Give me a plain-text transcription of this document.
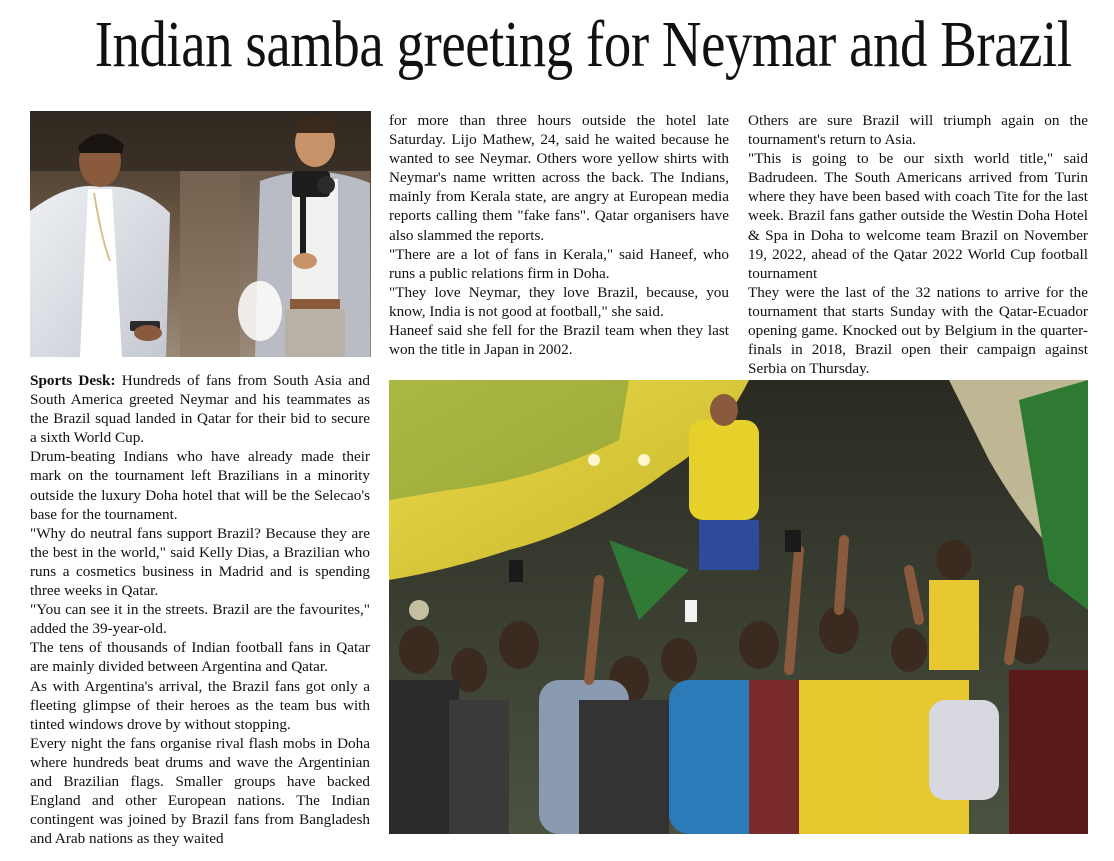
Indian samba greeting for Neymar and Brazil

Sports Desk: Hundreds of fans from South Asia and South America greeted Neymar and his teammates as the Brazil squad landed in Qatar for their bid to secure a sixth World Cup.

Drum-beating Indians who have already made their mark on the tournament left Brazilians in a minority outside the luxury Doha hotel that will be the Selecao's base for the tournament.

"Why do neutral fans support Brazil? Because they are the best in the world," said Kelly Dias, a Brazilian who runs a cosmetics business in Madrid and is spending three weeks in Qatar.

"You can see it in the streets. Brazil are the favourites," added the 39-year-old.

The tens of thousands of Indian football fans in Qatar are mainly divided between Argentina and Qatar.

As with Argentina's arrival, the Brazil fans got only a fleeting glimpse of their heroes as the team bus with tinted windows drove by without stopping.

Every night the fans organise rival flash mobs in Doha where hundreds beat drums and wave the Argentinian and Brazilian flags. Smaller groups have backed England and other European nations. The Indian contingent was joined by Brazil fans from Bangladesh and Arab nations as they waited

for more than three hours outside the hotel late Saturday. Lijo Mathew, 24, said he waited because he wanted to see Neymar. Others wore yellow shirts with Neymar's name written across the back. The Indians, mainly from Kerala state, are angry at European media reports calling them "fake fans". Qatar organisers have also slammed the reports.

"There are a lot of fans in Kerala," said Haneef, who runs a public relations firm in Doha.

"They love Neymar, they love Brazil, because, you know, India is not good at football," she said.

Haneef said she fell for the Brazil team when they last won the title in Japan in 2002.

Others are sure Brazil will triumph again on the tournament's return to Asia.

"This is going to be our sixth world title," said Badrudeen. The South Americans arrived from Turin where they have been based with coach Tite for the last week. Brazil fans gather outside the Westin Doha Hotel & Spa in Doha to welcome team Brazil on November 19, 2022, ahead of the Qatar 2022 World Cup football tournament

They were the last of the 32 nations to arrive for the tournament that starts Sunday with the Qatar-Ecuador opening game. Knocked out by Belgium in the quarter-finals in 2018, Brazil open their campaign against Serbia on Thursday.
